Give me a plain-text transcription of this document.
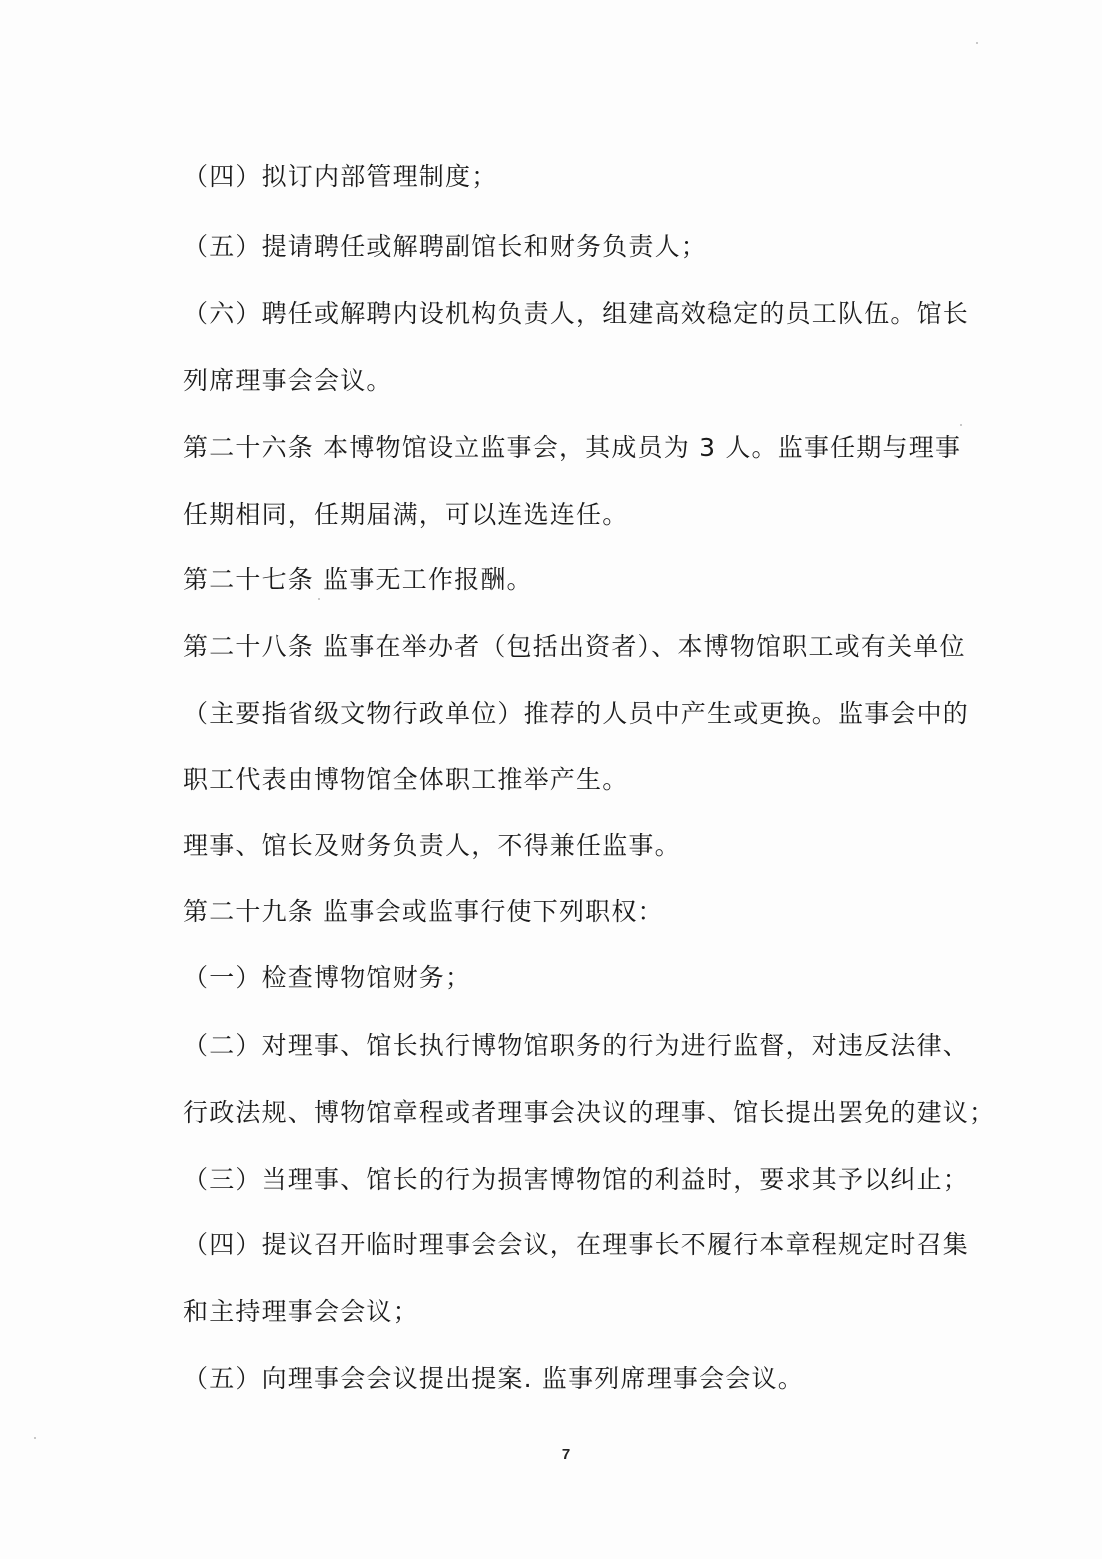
（四）拟订内部管理制度；
（五）提请聘任或解聘副馆长和财务负责人；
（六）聘任或解聘内设机构负责人，组建高效稳定的员工队伍。馆长
列席理事会会议。
第二十六条 本博物馆设立监事会，其成员为 3 人。监事任期与理事
任期相同，任期届满，可以连选连任。
第二十七条 监事无工作报酬。
第二十八条 监事在举办者（包括出资者）、本博物馆职工或有关单位
（主要指省级文物行政单位）推荐的人员中产生或更换。监事会中的
职工代表由博物馆全体职工推举产生。
理事、馆长及财务负责人，不得兼任监事。
第二十九条 监事会或监事行使下列职权：
（一）检查博物馆财务；
（二）对理事、馆长执行博物馆职务的行为进行监督，对违反法律、
行政法规、博物馆章程或者理事会决议的理事、馆长提出罢免的建议；
（三）当理事、馆长的行为损害博物馆的利益时，要求其予以纠止；
（四）提议召开临时理事会会议，在理事长不履行本章程规定时召集
和主持理事会会议；
（五）向理事会会议提出提案. 监事列席理事会会议。
7
